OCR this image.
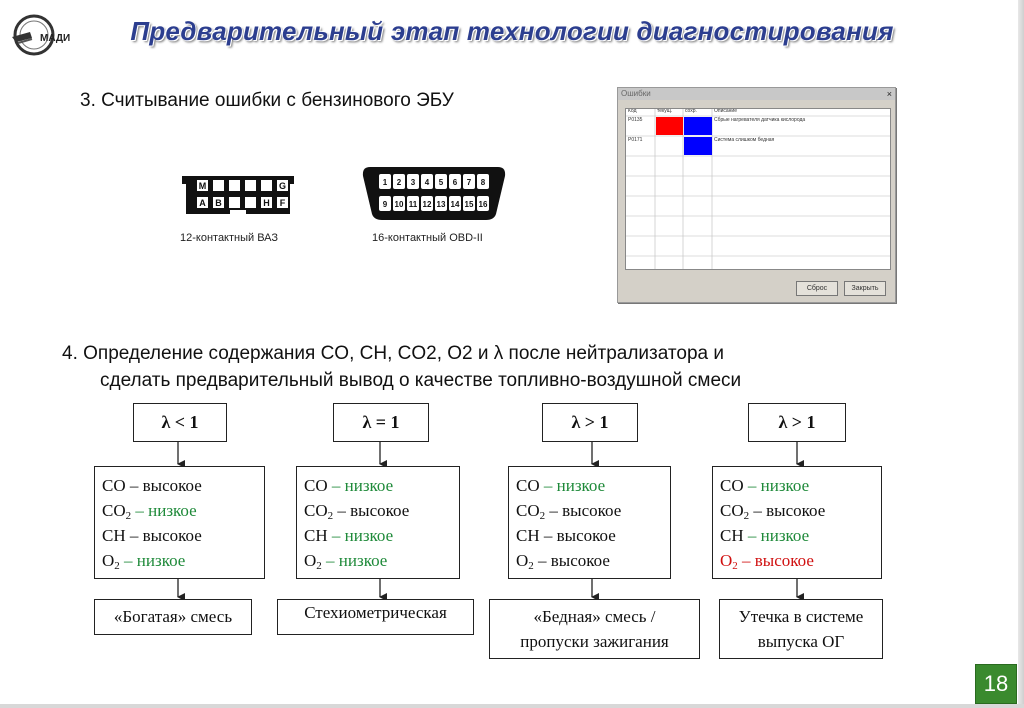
МАДИ	Предварительный этап технологии диагностирования
3. Считывание ошибки с бензинового ЭБУ
M	G
A B	H F
12-контактный ВАЗ
1 2 3 4 5 6 7 8
9 10 11 12 13 14 15 16
16-контактный OBD-II
Ошибки	×
Код	текущ.	сохр.	Описание
P0135	Сбрые нагревателя датчика кислорода
P0171	Система слишком бедная
Сброс	Закрыть
4. Определение содержания CO, CH, CO2, O2 и λ после нейтрализатора и
сделать предварительный вывод о качестве топливно-воздушной смеси
λ < 1
CO – высокое
$CO_2$ – низкое
CH – высокое
$O_2$ – низкое
«Богатая» смесь
λ = 1
CO – низкое
$CO_2$ – высокое
CH – низкое
$O_2$ – низкое
Стехиометрическая
λ > 1
CO – низкое
$CO_2$ – высокое
CH – высокое
$O_2$ – высокое
«Бедная» смесь /
пропуски зажигания
λ > 1
CO – низкое
$CO_2$ – высокое
CH – низкое
$O_2$ – высокое
Утечка в системе
выпуска ОГ
18
